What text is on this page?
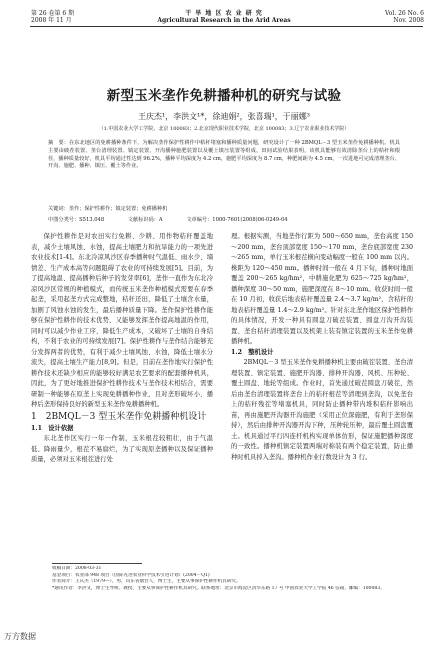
第 26 卷第 6 期
2008 年 11 月
干 旱 地 区 农 业 研 究
Agricultural Research in the Arid Areas
Vol. 26 No. 6
Nov. 2008
新型玉米垄作免耕播种机的研究与试验
王庆杰¹，李洪文¹*，徐迪娟²，张喜瑞¹，于丽娜³
（1.中国农业大学工学院，北京 100083；2.北京现代职业技术学院，北京 100083；3.辽宁农业职业技术学院）
摘　要：在东北地区的免耕播种条件下，为解决垄作保护性耕作中秸秆堵塞和播种质量问题，研究设计了一种 2BMQL－3 型玉米垄作免耕播种机。机具主要由破茬装置、垄台清理装置、镇定装置、开沟播种施肥装置以及覆土镇压装置等组成。田间试验结果表明，该机具能够有效清除垄台上的秸秆和根茬，播种质量较好，机具平均通过性达到 96.2%，播种平均深度为 4.2 cm，施肥平均深度为 8.7 cm，种肥间距为 4.5 cm，一次进地可完成清理垄台、开沟、施肥、播种、镇压、覆土等作业。
关键词：垄作；保护性耕作；镇定装置；免耕播种机
中图分类号：S513.048	文献标识码：A	文章编号：1000-7601(2008)06-0249-04

保护性耕作是对农田实行免耕、少耕、用作物秸秆覆盖地表，减少土壤风蚀、水蚀，提高土壤肥力和抗旱能力的一项先进农业技术[1-4]。东北冷凉风沙区春季播种时气温低、雨水少、墒情差、生产成本高等问题阻碍了农业的可持续发展[5]。目前，为了提高地温、提高播种后种子的发芽率[6]，垄作一直作为东北冷凉风沙区常规的种植模式，而传统玉米垄作种植模式需要在春季起垄，采用起垄方式完成整地，秸秆还田，降低了土壤含水量，加剧了风蚀水蚀的发生，最后播种质量下降。垄作保护性耕作能够在保护性耕作的技术优势，又能够发挥垄作提高地温的作用，同时可以减少作业工序，降低生产成本，又破坏了土壤的自身结构，不利于农业的可持续发展[7]。保护性耕作与垄作结合能够充分发挥两者的优势，有利于减少土壤风蚀、水蚀，降低土壤水分流失，提高土壤生产能力[8,9]。但是，目前在垄作地实行保护性耕作技术还缺少相应的能够较好满足农艺要求的配套播种机具，因此，为了更好地推进保护性耕作技术与垄作技术相结合，需要研制一种能够在原垄上实现免耕播种作业，且对垄形破坏小、播种后垄形保持良好的新型玉米垄作免耕播种机。

1　2BMQL－3 型玉米垄作免耕播种机设计

1.1　设计依据

东北垄作区实行一年一作制，玉米根茬较粗壮，由于气温低、降雨量少，根茬不易腐烂，为了实现原垄播种以及保证播种质量，必须对玉米根茬进行处

理。根据实测，当地垄作行距为 500～650 mm，垄台高度 150～200 mm，垄台顶部宽度 150～170 mm，垄台底部宽度 230～265 mm，单行玉米根茬横向变动幅度一般在 100 mm 以内。株距为 120～450 mm。播种时间一般在 4 月下旬，播种时地面覆盖 200～265 kg/hm²，中耕施化肥为 625～725 kg/hm²，播种深度 30～50 mm，施肥深度在 8～10 mm。收获时间一般在 10 月初，收获后地表秸秆覆盖量 2.4～3.7 kg/m²，含秸秆的地表秸秆覆盖量 1.4～2.9 kg/m²。针对东北垄作地区保护性耕作的具体情况，开发一种具有圆盘刀破茬装置、圆盘刀沟开沟装置、垄台秸秆清理装置以及机架上装有镇定装置的玉米垄作免耕播种机。

1.2　整机设计

2BMQL－3 型玉米垄作免耕播种机主要由破茬装置、垄台清理装置、镇定装置、施肥开沟器、排种开沟器、风机、压种轮、覆土圆盘、地轮等组成。作业时，首先通过破茬圆盘刀破茬，然后由垄台清理装置将垄台上的秸秆根茬等清理到垄沟，以免垄台上的秸秆残茬等堵塞机具，同时防止播种带内堆积秸秆影响出苗，再由施肥开沟器开沟施肥（采用正位深施肥，有利于垄形保持），然后由排种开沟器开沟下种，压种轮压种，最后覆土圆盘覆土。机具通过平行四连杆机构实现单体仿形，保证施肥播种深度的一致性。播种机镇定装置两端对称装有两个稳定装置，防止播种时机具掉入垄沟。播种机作业行数设计为 3 行。

收稿日期：2008-03-31
基金项目：农业部 948 项目（国际先进农业科学技术引进计划）(2004－Q1)
作者简介：王庆杰（1979—），男，山东省烟台人，博士生，主要从事保护性耕作机具研究。
*通讯作者：李洪文，博士生导师，教授，主要从事保护性耕作机具研究。联系地址：北京市海淀区清华东路 17 号 中国农业大学工学院 46 信箱，邮编：100083。
万方数据
